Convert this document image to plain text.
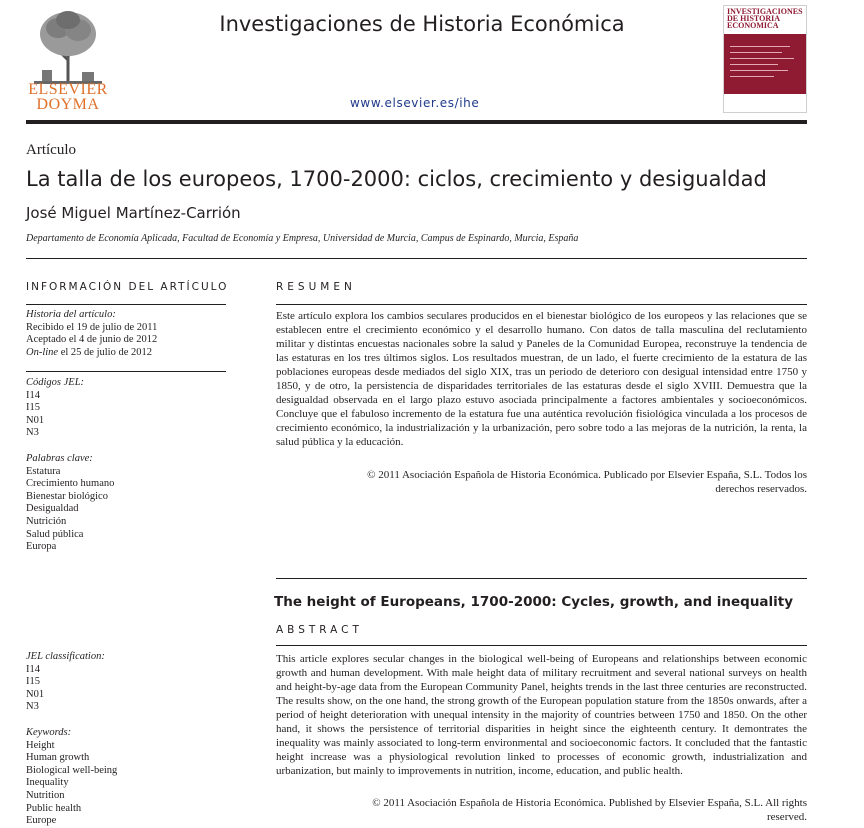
ELSEVIER DOYMA
Investigaciones de Historia Económica
www.elsevier.es/ihe
INVESTIGACIONES DE HISTORIA ECONOMICA
Artículo
La talla de los europeos, 1700-2000: ciclos, crecimiento y desigualdad
José Miguel Martínez-Carrión
Departamento de Economía Aplicada, Facultad de Economía y Empresa, Universidad de Murcia, Campus de Espinardo, Murcia, España
INFORMACIÓN DEL ARTÍCULO
Historia del artículo:
Recibido el 19 de julio de 2011
Aceptado el 4 de junio de 2012
On-line el 25 de julio de 2012
Códigos JEL:
I14
I15
N01
N3
Palabras clave:
Estatura
Crecimiento humano
Bienestar biológico
Desigualdad
Nutrición
Salud pública
Europa
JEL classification:
I14
I15
N01
N3
Keywords:
Height
Human growth
Biological well-being
Inequality
Nutrition
Public health
Europe
RESUMEN
Este artículo explora los cambios seculares producidos en el bienestar biológico de los europeos y las relaciones que se establecen entre el crecimiento económico y el desarrollo humano. Con datos de talla masculina del reclutamiento militar y distintas encuestas nacionales sobre la salud y Paneles de la Comunidad Europea, reconstruye la tendencia de las estaturas en los tres últimos siglos. Los resultados muestran, de un lado, el fuerte crecimiento de la estatura de las poblaciones europeas desde mediados del siglo XIX, tras un periodo de deterioro con desigual intensidad entre 1750 y 1850, y de otro, la persistencia de disparidades territoriales de las estaturas desde el siglo XVIII. Demuestra que la desigualdad observada en el largo plazo estuvo asociada principalmente a factores ambientales y socioeconómicos. Concluye que el fabuloso incremento de la estatura fue una auténtica revolución fisiológica vinculada a los procesos de crecimiento económico, la industrialización y la urbanización, pero sobre todo a las mejoras de la nutrición, la renta, la salud pública y la educación.
© 2011 Asociación Española de Historia Económica. Publicado por Elsevier España, S.L. Todos los
derechos reservados.
The height of Europeans, 1700-2000: Cycles, growth, and inequality
ABSTRACT
This article explores secular changes in the biological well-being of Europeans and relationships between economic growth and human development. With male height data of military recruitment and several national surveys on health and height-by-age data from the European Community Panel, heights trends in the last three centuries are reconstructed. The results show, on the one hand, the strong growth of the European population stature from the 1850s onwards, after a period of height deterioration with unequal intensity in the majority of countries between 1750 and 1850. On the other hand, it shows the persistence of territorial disparities in height since the eighteenth century. It demontrates the inequality was mainly associated to long-term environmental and socioeconomic factors. It concluded that the fantastic height increase was a physiological revolution linked to processes of economic growth, industrialization and urbanization, but mainly to improvements in nutrition, income, education, and public health.
© 2011 Asociación Española de Historia Económica. Published by Elsevier España, S.L. All rights
reserved.
